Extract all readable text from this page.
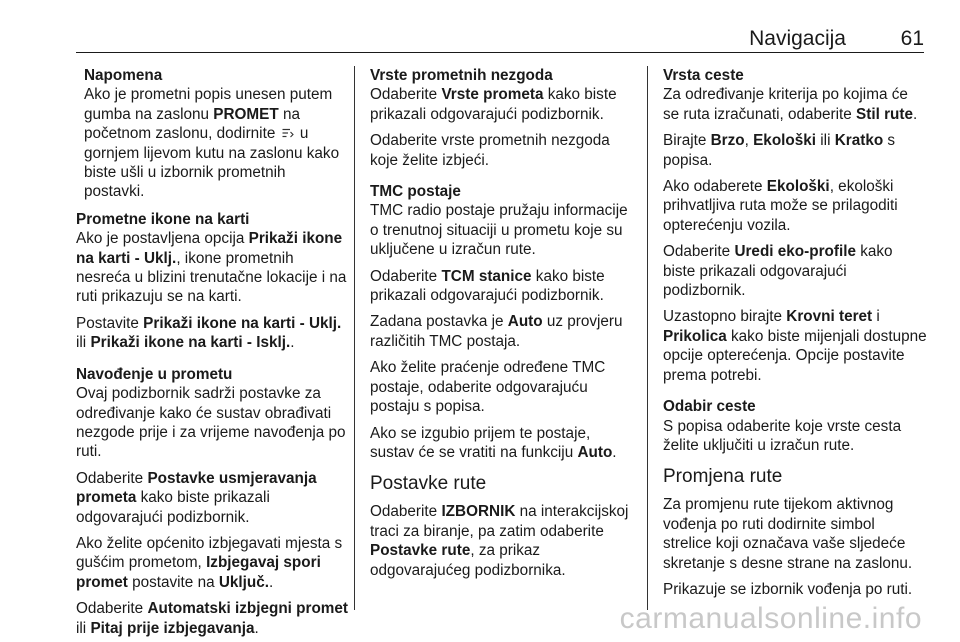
Navigacija	61
Napomena
Ako je prometni popis unesen putem gumba na zaslonu PROMET na početnom zaslonu, dodirnite  u gornjem lijevom kutu na zaslonu kako biste ušli u izbornik prometnih postavki.
Prometne ikone na karti

Ako je postavljena opcija Prikaži ikone na karti - Uklj., ikone prometnih nesreća u blizini trenutačne lokacije i na ruti prikazuju se na karti.

Postavite Prikaži ikone na karti - Uklj. ili Prikaži ikone na karti - Isklj..

Navođenje u prometu

Ovaj podizbornik sadrži postavke za određivanje kako će sustav obrađivati nezgode prije i za vrijeme navođenja po ruti.

Odaberite Postavke usmjeravanja prometa kako biste prikazali odgovarajući podizbornik.

Ako želite općenito izbjegavati mjesta s gušćim prometom, Izbjegavaj spori promet postavite na Uključ..

Odaberite Automatski izbjegni promet ili Pitaj prije izbjegavanja.

Vrste prometnih nezgoda

Odaberite Vrste prometa kako biste prikazali odgovarajući podizbornik.

Odaberite vrste prometnih nezgoda koje želite izbjeći.

TMC postaje

TMC radio postaje pružaju informacije o trenutnoj situaciji u prometu koje su uključene u izračun rute.

Odaberite TCM stanice kako biste prikazali odgovarajući podizbornik.

Zadana postavka je Auto uz provjeru različitih TMC postaja.

Ako želite praćenje određene TMC postaje, odaberite odgovarajuću postaju s popisa.

Ako se izgubio prijem te postaje, sustav će se vratiti na funkciju Auto.

Postavke rute

Odaberite IZBORNIK na interakcijskoj traci za biranje, pa zatim odaberite Postavke rute, za prikaz odgovarajućeg podizbornika.

Vrsta ceste

Za određivanje kriterija po kojima će se ruta izračunati, odaberite Stil rute.

Birajte Brzo, Ekološki ili Kratko s popisa.

Ako odaberete Ekološki, ekološki prihvatljiva ruta može se prilagoditi opterećenju vozila.

Odaberite Uredi eko-profile kako biste prikazali odgovarajući podizbornik.

Uzastopno birajte Krovni teret i Prikolica kako biste mijenjali dostupne opcije opterećenja. Opcije postavite prema potrebi.

Odabir ceste

S popisa odaberite koje vrste cesta želite uključiti u izračun rute.

Promjena rute

Za promjenu rute tijekom aktivnog vođenja po ruti dodirnite simbol strelice koji označava vaše sljedeće skretanje s desne strane na zaslonu.

Prikazuje se izbornik vođenja po ruti.

carmanualsonline.info
